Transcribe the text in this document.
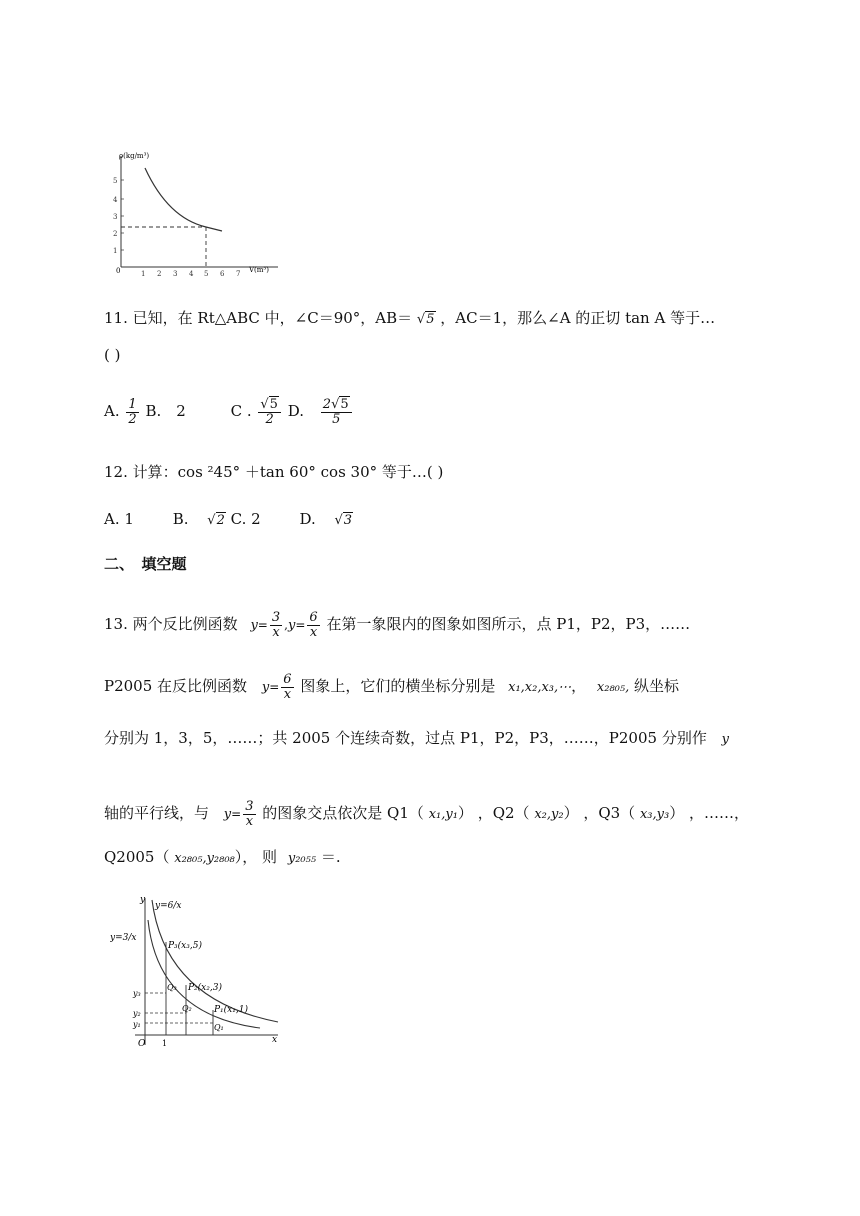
ρ(kg/m³)
V(m³)
0	1 2 3 4 5 6 7
1
2
3
4
5
11. 已知，在 Rt△ABC 中，∠C＝90°，AB＝ √5 ，AC＝1，那么∠A 的正切 tan A 等于…
( )
A. $\frac{1}{2} B$.　2	C . $\frac{√5}{2} D$. $\frac{2√5}{5}$
12. 计算：cos ²45° ＋tan 60° cos 30° 等于…( )
A. 1	B. √2 C. 2	D. √3
二、　填空题
13. 两个反比例函数 $y= \frac{3}{x} ,y= \frac{6}{x}$ 在第一象限内的图象如图所示，点 P1，P2，P3，……
P2005 在反比例函数 $y= \frac{6}{x}$ 图象上，它们的横坐标分别是 x₁,x₂,x₃,⋯， x₂₈₀₅, 纵坐标
分别为 1，3，5，……；共 2005 个连续奇数，过点 P1，P2，P3，……，P2005 分别作 y
轴的平行线，与 $y= \frac{3}{x}$ 的图象交点依次是 Q1（ x₁,y₁） ，Q2（ x₂,y₂） ，Q3（ x₃,y₃） ，……，
Q2005（ x₂₈₀₅,y₂₈₀₈）， 则 y₂₀₅₅ ＝.
y
x
O 1
y=6/x
y=3/x
P₃(x₃,5)
P₂(x₂,3)
P₁(x₁,1)
Q₃
Q₂
Q₁
y₃
y₂
y₁
